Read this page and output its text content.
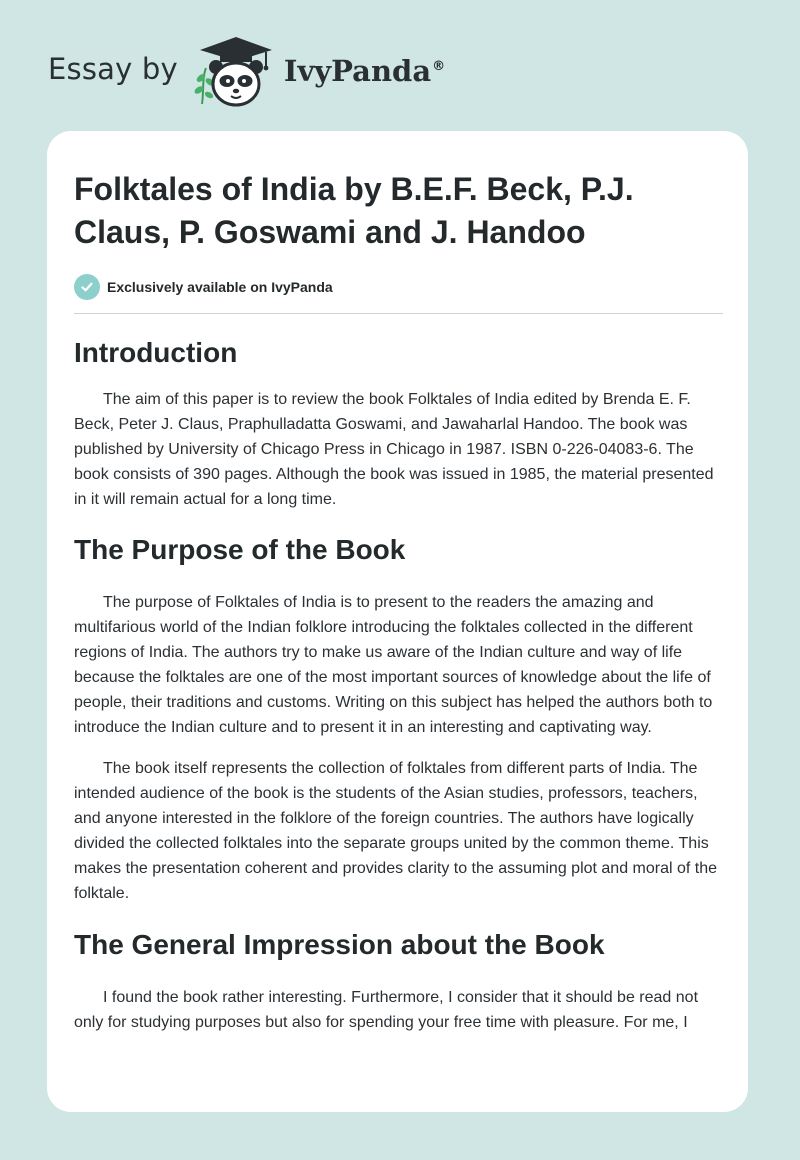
Essay by	IvyPanda®
Folktales of India by B.E.F. Beck, P.J. Claus, P. Goswami and J. Handoo
Exclusively available on IvyPanda
Introduction

The aim of this paper is to review the book Folktales of India edited by Brenda E. F. Beck, Peter J. Claus, Praphulladatta Goswami, and Jawaharlal Handoo. The book was published by University of Chicago Press in Chicago in 1987. ISBN 0-226-04083-6. The book consists of 390 pages. Although the book was issued in 1985, the material presented in it will remain actual for a long time.

The Purpose of the Book

The purpose of Folktales of India is to present to the readers the amazing and multifarious world of the Indian folklore introducing the folktales collected in the different regions of India. The authors try to make us aware of the Indian culture and way of life because the folktales are one of the most important sources of knowledge about the life of people, their traditions and customs. Writing on this subject has helped the authors both to introduce the Indian culture and to present it in an interesting and captivating way.

The book itself represents the collection of folktales from different parts of India. The intended audience of the book is the students of the Asian studies, professors, teachers, and anyone interested in the folklore of the foreign countries. The authors have logically divided the collected folktales into the separate groups united by the common theme. This makes the presentation coherent and provides clarity to the assuming plot and moral of the folktale.

The General Impression about the Book

I found the book rather interesting. Furthermore, I consider that it should be read not only for studying purposes but also for spending your free time with pleasure. For me, I
